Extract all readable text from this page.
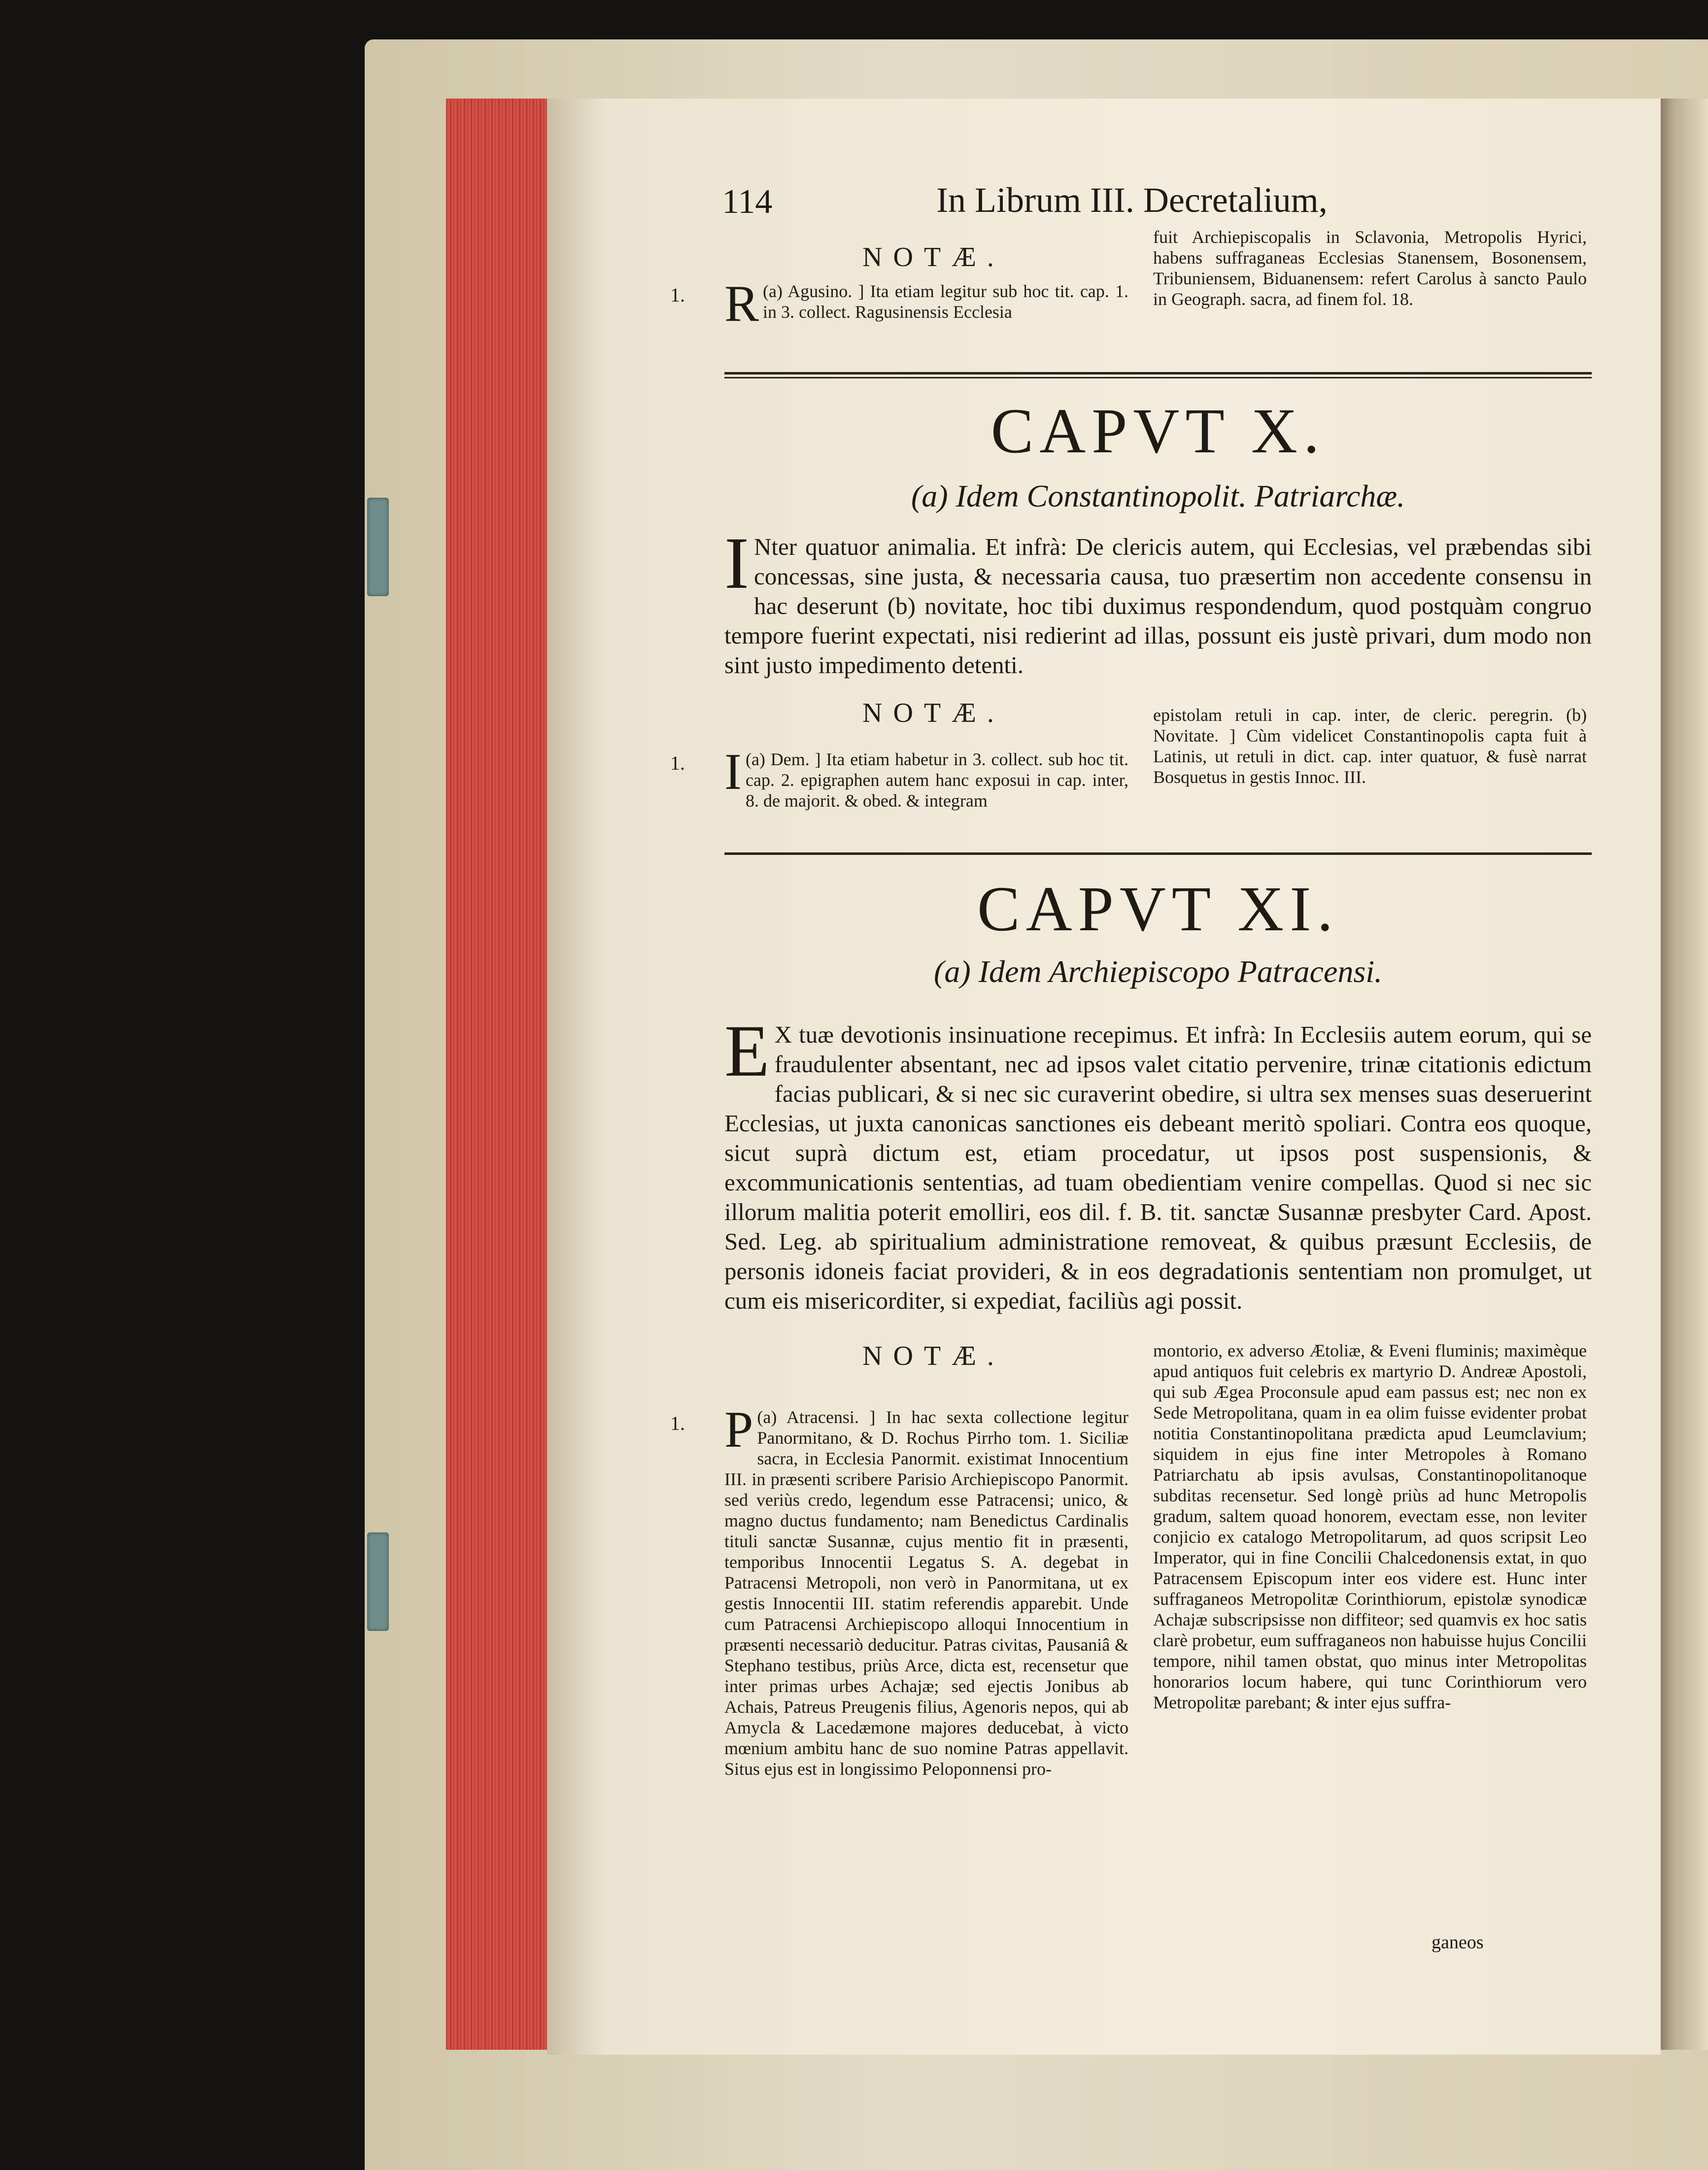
114	In Librum III. Decretalium,
NOTÆ.
1. R (a) Agusino. ] Ita etiam legitur sub hoc tit. cap. 1. in 3. collect. Ragusinensis Ecclesia
fuit Archiepiscopalis in Sclavonia, Metropolis Hyrici, habens suffraganeas Ecclesias Stanensem, Bosonensem, Tribuniensem, Biduanensem: refert Carolus à sancto Paulo in Geograph. sacra, ad finem fol. 18.
CAPVT X.
(a) Idem Constantinopolit. Patriarchæ.
I Nter quatuor animalia. Et infrà: De clericis autem, qui Ecclesias, vel præbendas sibi concessas, sine justa, & necessaria causa, tuo præsertim non accedente consensu in hac deserunt (b) novitate, hoc tibi duximus respondendum, quod postquàm congruo tempore fuerint expectati, nisi redierint ad illas, possunt eis justè privari, dum modo non sint justo impedimento detenti.
NOTÆ.
1. I (a) Dem. ] Ita etiam habetur in 3. collect. sub hoc tit. cap. 2. epigraphen autem hanc exposui in cap. inter, 8. de majorit. & obed. & integram
epistolam retuli in cap. inter, de cleric. peregrin. (b) Novitate. ] Cùm videlicet Constantinopolis capta fuit à Latinis, ut retuli in dict. cap. inter quatuor, & fusè narrat Bosquetus in gestis Innoc. III.
CAPVT XI.
(a) Idem Archiepiscopo Patracensi.
E X tuæ devotionis insinuatione recepimus. Et infrà: In Ecclesiis autem eorum, qui se fraudulenter absentant, nec ad ipsos valet citatio pervenire, trinæ citationis edictum facias publicari, & si nec sic curaverint obedire, si ultra sex menses suas deseruerint Ecclesias, ut juxta canonicas sanctiones eis debeant meritò spoliari. Contra eos quoque, sicut suprà dictum est, etiam procedatur, ut ipsos post suspensionis, & excommunicationis sententias, ad tuam obedientiam venire compellas. Quod si nec sic illorum malitia poterit emolliri, eos dil. f. B. tit. sanctæ Susannæ presbyter Card. Apost. Sed. Leg. ab spiritualium administratione removeat, & quibus præsunt Ecclesiis, de personis idoneis faciat provideri, & in eos degradationis sententiam non promulget, ut cum eis misericorditer, si expediat, faciliùs agi possit.
NOTÆ.
1. P (a) Atracensi. ] In hac sexta collectione legitur Panormitano, & D. Rochus Pirrho tom. 1. Siciliæ sacra, in Ecclesia Panormit. existimat Innocentium III. in præsenti scribere Parisio Archiepiscopo Panormit. sed veriùs credo, legendum esse Patracensi; unico, & magno ductus fundamento; nam Benedictus Cardinalis tituli sanctæ Susannæ, cujus mentio fit in præsenti, temporibus Innocentii Legatus S. A. degebat in Patracensi Metropoli, non verò in Panormitana, ut ex gestis Innocentii III. statim referendis apparebit. Unde cum Patracensi Archiepiscopo alloqui Innocentium in præsenti necessariò deducitur. Patras civitas, Pausaniâ & Stephano testibus, priùs Arce, dicta est, recensetur que inter primas urbes Achajæ; sed ejectis Jonibus ab Achais, Patreus Preugenis filius, Agenoris nepos, qui ab Amycla & Lacedæmone majores deducebat, à victo mœnium ambitu hanc de suo nomine Patras appellavit. Situs ejus est in longissimo Peloponnensi pro-
montorio, ex adverso Ætoliæ, & Eveni fluminis; maximèque apud antiquos fuit celebris ex martyrio D. Andreæ Apostoli, qui sub Ægea Proconsule apud eam passus est; nec non ex Sede Metropolitana, quam in ea olim fuisse evidenter probat notitia Constantinopolitana prædicta apud Leumclavium; siquidem in ejus fine inter Metropoles à Romano Patriarchatu ab ipsis avulsas, Constantinopolitanoque subditas recensetur. Sed longè priùs ad hunc Metropolis gradum, saltem quoad honorem, evectam esse, non leviter conjicio ex catalogo Metropolitarum, ad quos scripsit Leo Imperator, qui in fine Concilii Chalcedonensis extat, in quo Patracensem Episcopum inter eos videre est. Hunc inter suffraganeos Metropolitæ Corinthiorum, epistolæ synodicæ Achajæ subscripsisse non diffiteor; sed quamvis ex hoc satis clarè probetur, eum suffraganeos non habuisse hujus Concilii tempore, nihil tamen obstat, quo minus inter Metropolitas honorarios locum habere, qui tunc Corinthiorum vero Metropolitæ parebant; & inter ejus suffra-
ganeos
